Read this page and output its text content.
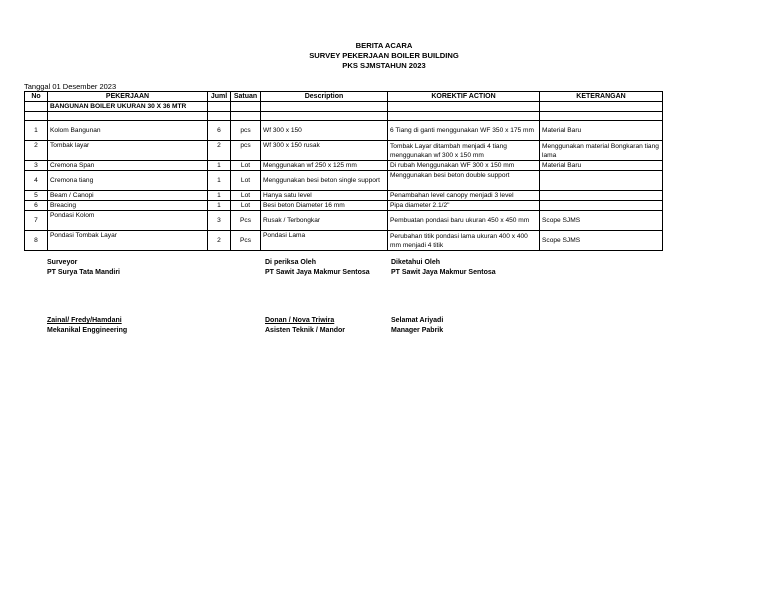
BERITA ACARA
SURVEY PEKERJAAN BOILER BUILDING
PKS SJMSTAHUN 2023
Tanggal 01 Desember 2023
No	PEKERJAAN	Juml	Satuan	Description	KOREKTIF ACTION	KETERANGAN
	BANGUNAN BOILER UKURAN 30 X 36 MTR					

1	Kolom Bangunan	6	pcs	Wf 300 x 150	6 Tiang di ganti menggunakan WF 350 x 175 mm	Material Baru
2	Tombak layar	2	pcs	Wf 300 x 150 rusak	Tombak Layar ditambah menjadi 4 tiang menggunakan wf 300 x 150 mm	Menggunakan material Bongkaran tiang lama
3	Cremona Span	1	Lot	Menggunakan wf 250 x 125 mm	Di rubah Menggunakan WF 300 x 150 mm	Material Baru
4	Cremona tiang	1	Lot	Menggunakan besi beton single support	Menggunakan besi beton double support	
5	Beam / Canopi	1	Lot	Hanya satu level	Penambahan level canopy menjadi 3 level	
6	Breacing	1	Lot	Besi beton Diameter 16 mm	Pipa diameter 2.1/2"	
7	Pondasi Kolom	3	Pcs	Rusak / Terbongkar	Pembuatan pondasi baru ukuran 450 x 450 mm	Scope SJMS
8	Pondasi Tombak Layar	2	Pcs	Pondasi Lama	Perubahan titik pondasi lama ukuran 400 x 400 mm menjadi 4 titik	Scope SJMS
Surveyor
PT Surya Tata Mandiri
Di periksa Oleh
PT Sawit Jaya Makmur Sentosa
Diketahui Oleh
PT Sawit Jaya Makmur Sentosa
Zainal/ Fredy/Hamdani
Mekanikal Enggineering
Donan / Nova Triwira
Asisten Teknik / Mandor
Selamat Ariyadi
Manager Pabrik
